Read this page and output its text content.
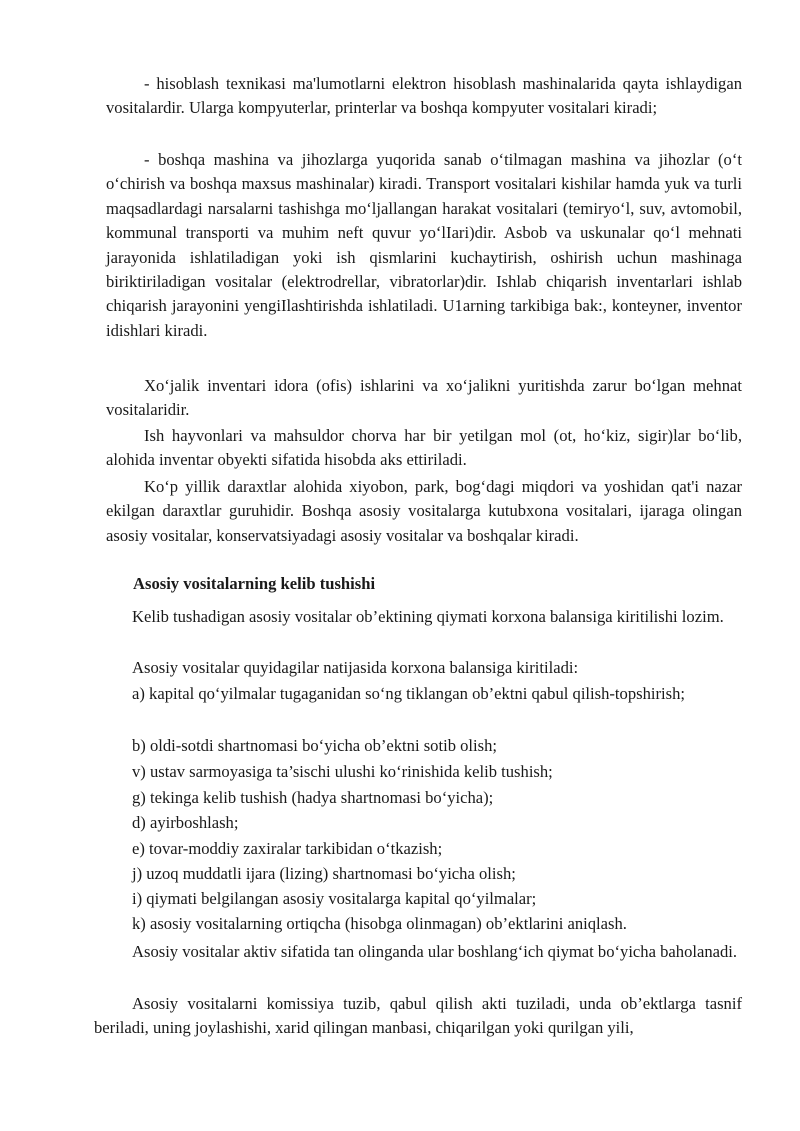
- hisoblash texnikasi ma'lumotlarni elektron hisoblash mashinalarida qayta ishlaydigan vositalardir. Ularga kompyuterlar, printerlar va boshqa kompyuter vositalari kiradi;

- boshqa mashina va jihozlarga yuqorida sanab o‘tilmagan mashina va jihozlar (o‘t o‘chirish va boshqa maxsus mashinalar) kiradi. Transport vositalari kishilar hamda yuk va turli maqsadlardagi narsalarni tashishga mo‘ljallangan harakat vositalari (temiryo‘l, suv, avtomobil, kommunal transporti va muhim neft quvur yo‘lIari)dir. Asbob va uskunalar qo‘l mehnati jarayonida ishlatiladigan yoki ish qismlarini kuchaytirish, oshirish uchun mashinaga biriktiriladigan vositalar (elektrodrellar, vibratorlar)dir. Ishlab chiqarish inventarlari ishlab chiqarish jarayonini yengiIlashtirishda ishlatiladi. U1arning tarkibiga bak:, konteyner, inventor idishlari kiradi.

Xo‘jalik inventari idora (ofis) ishlarini va xo‘jalikni yuritishda zarur bo‘lgan mehnat vositalaridir.

Ish hayvonlari va mahsuldor chorva har bir yetilgan mol (ot, ho‘kiz, sigir)lar bo‘lib, alohida inventar obyekti sifatida hisobda aks ettiriladi.

Ko‘p yillik daraxtlar alohida xiyobon, park, bog‘dagi miqdori va yoshidan qat'i nazar ekilgan daraxtlar guruhidir. Boshqa asosiy vositalarga kutubxona vositalari, ijaraga olingan asosiy vositalar, konservatsiyadagi asosiy vositalar va boshqalar kiradi.

Asosiy vositalarning kelib tushishi

Kelib tushadigan asosiy vositalar ob’ektining qiymati korxona balansiga kiritilishi lozim.

Asosiy vositalar quyidagilar natijasida korxona balansiga kiritiladi:

a) kapital qo‘yilmalar tugaganidan so‘ng tiklangan ob’ektni qabul qilish-topshirish;

b) oldi-sotdi shartnomasi bo‘yicha ob’ektni sotib olish;

v) ustav sarmoyasiga ta’sischi ulushi ko‘rinishida kelib tushish;

g) tekinga kelib tushish (hadya shartnomasi bo‘yicha);

d) ayirboshlash;

e) tovar-moddiy zaxiralar tarkibidan o‘tkazish;

j) uzoq muddatli ijara (lizing) shartnomasi bo‘yicha olish;

i) qiymati belgilangan asosiy vositalarga kapital qo‘yilmalar;

k) asosiy vositalarning ortiqcha (hisobga olinmagan) ob’ektlarini aniqlash.

Asosiy vositalar aktiv sifatida tan olinganda ular boshlang‘ich qiymat bo‘yicha baholanadi.

Asosiy vositalarni komissiya tuzib, qabul qilish akti tuziladi, unda ob’ektlarga tasnif beriladi, uning joylashishi, xarid qilingan manbasi, chiqarilgan yoki qurilgan yili,
